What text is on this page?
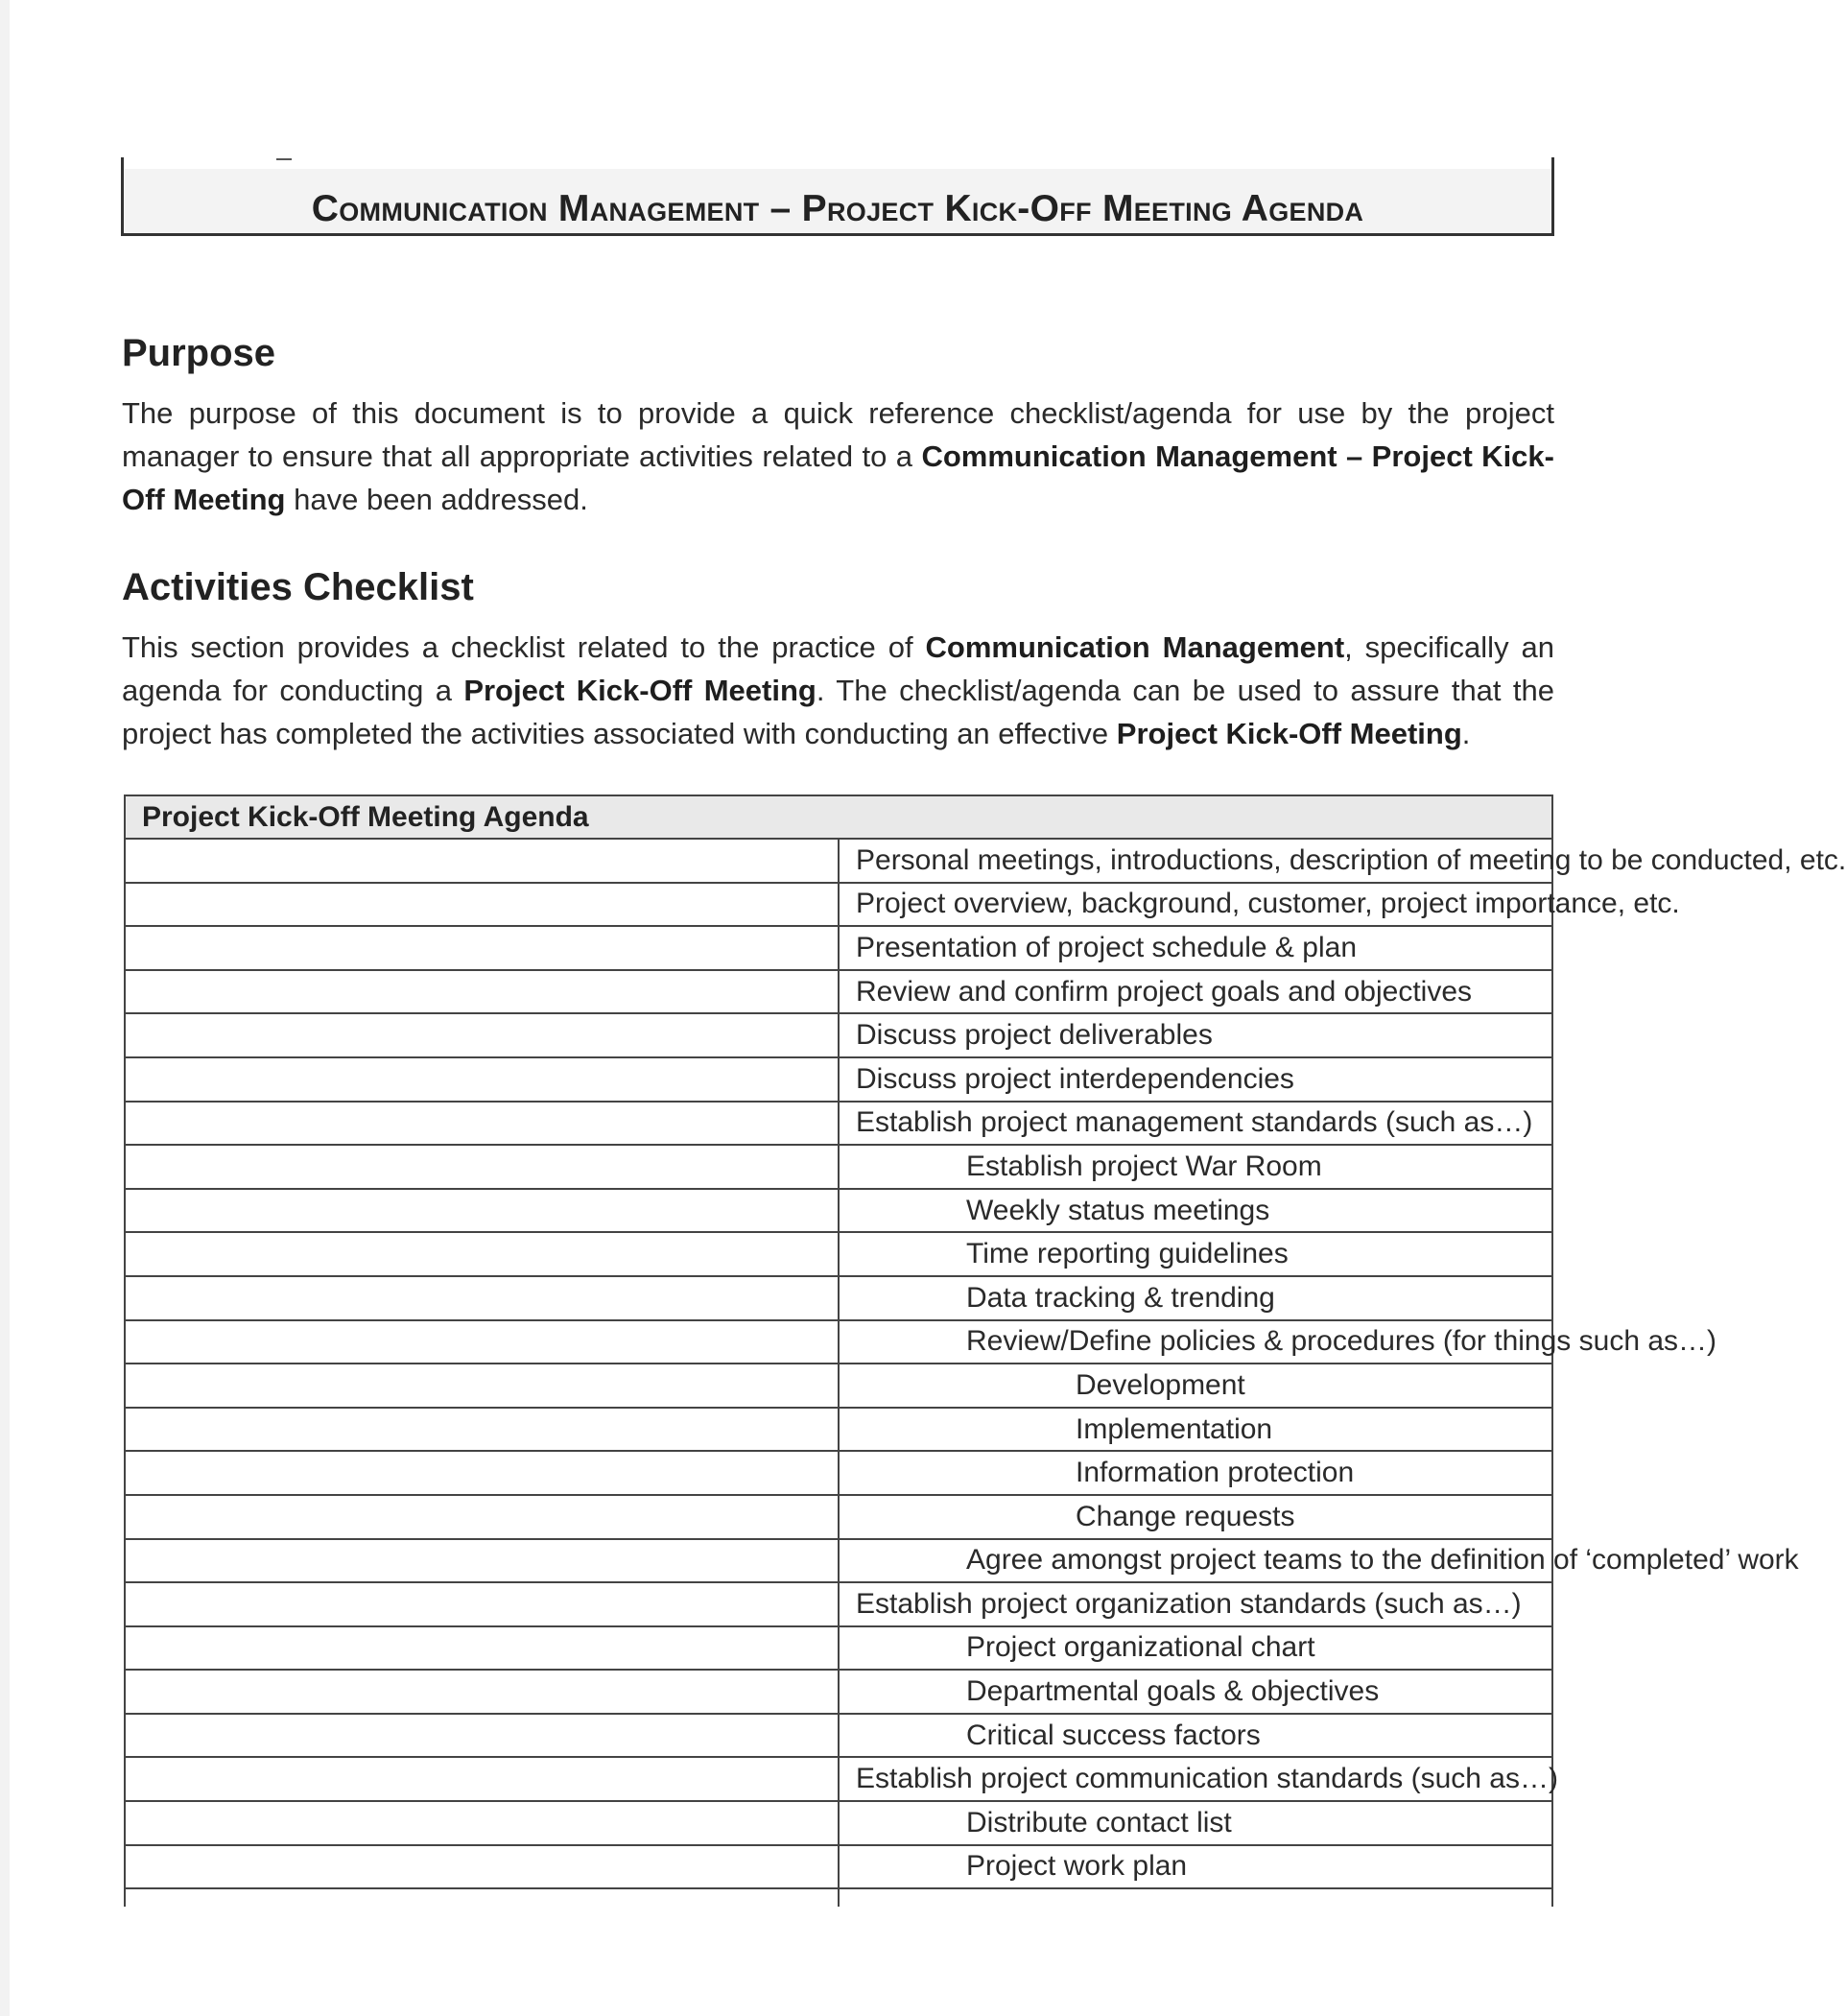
Communication Management – Project Kick-Off Meeting Agenda
Purpose
The purpose of this document is to provide a quick reference checklist/agenda for use by the project manager to ensure that all appropriate activities related to a Communication Management – Project Kick-Off Meeting have been addressed.
Activities Checklist
This section provides a checklist related to the practice of Communication Management, specifically an agenda for conducting a Project Kick-Off Meeting. The checklist/agenda can be used to assure that the project has completed the activities associated with conducting an effective Project Kick-Off Meeting.
Project Kick-Off Meeting Agenda	
	Personal meetings, introductions, description of meeting to be conducted, etc.
	Project overview, background, customer, project importance, etc.
	Presentation of project schedule & plan
	Review and confirm project goals and objectives
	Discuss project deliverables
	Discuss project interdependencies
	Establish project management standards (such as…)
	Establish project War Room
	Weekly status meetings
	Time reporting guidelines
	Data tracking & trending
	Review/Define policies & procedures (for things such as…)
	Development
	Implementation
	Information protection
	Change requests
	Agree amongst project teams to the definition of ‘completed’ work
	Establish project organization standards (such as…)
	Project organizational chart
	Departmental goals & objectives
	Critical success factors
	Establish project communication standards (such as…)
	Distribute contact list
	Project work plan
